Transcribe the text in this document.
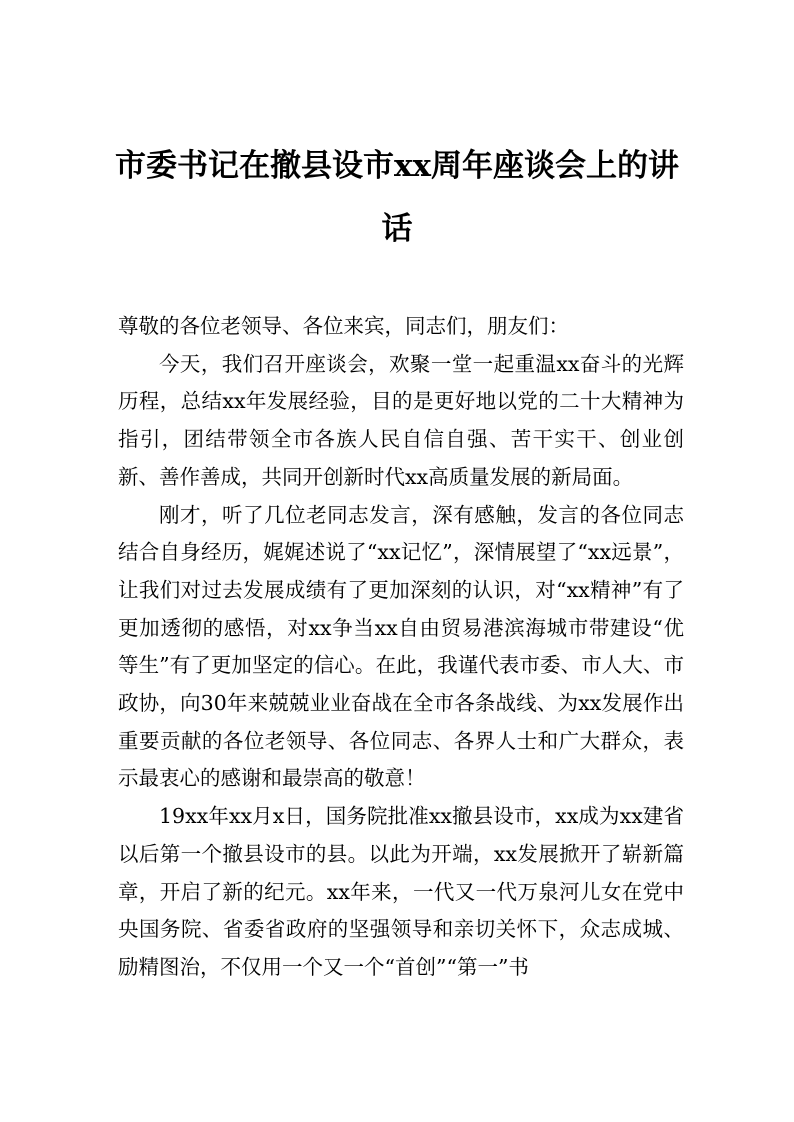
市委书记在撤县设市xx周年座谈会上的讲
话

尊敬的各位老领导、各位来宾，同志们，朋友们：

今天，我们召开座谈会，欢聚一堂一起重温xx奋斗的光辉历程，总结xx年发展经验，目的是更好地以党的二十大精神为指引，团结带领全市各族人民自信自强、苦干实干、创业创新、善作善成，共同开创新时代xx高质量发展的新局面。

刚才，听了几位老同志发言，深有感触，发言的各位同志结合自身经历，娓娓述说了“xx记忆”，深情展望了“xx远景”，让我们对过去发展成绩有了更加深刻的认识，对“xx精神”有了更加透彻的感悟，对xx争当xx自由贸易港滨海城市带建设“优等生”有了更加坚定的信心。在此，我谨代表市委、市人大、市政协，向30年来兢兢业业奋战在全市各条战线、为xx发展作出重要贡献的各位老领导、各位同志、各界人士和广大群众，表示最衷心的感谢和最崇高的敬意！

19xx年xx月x日，国务院批准xx撤县设市，xx成为xx建省以后第一个撤县设市的县。以此为开端，xx发展掀开了崭新篇章，开启了新的纪元。xx年来，一代又一代万泉河儿女在党中央国务院、省委省政府的坚强领导和亲切关怀下，众志成城、励精图治，不仅用一个又一个“首创”“第一”书
